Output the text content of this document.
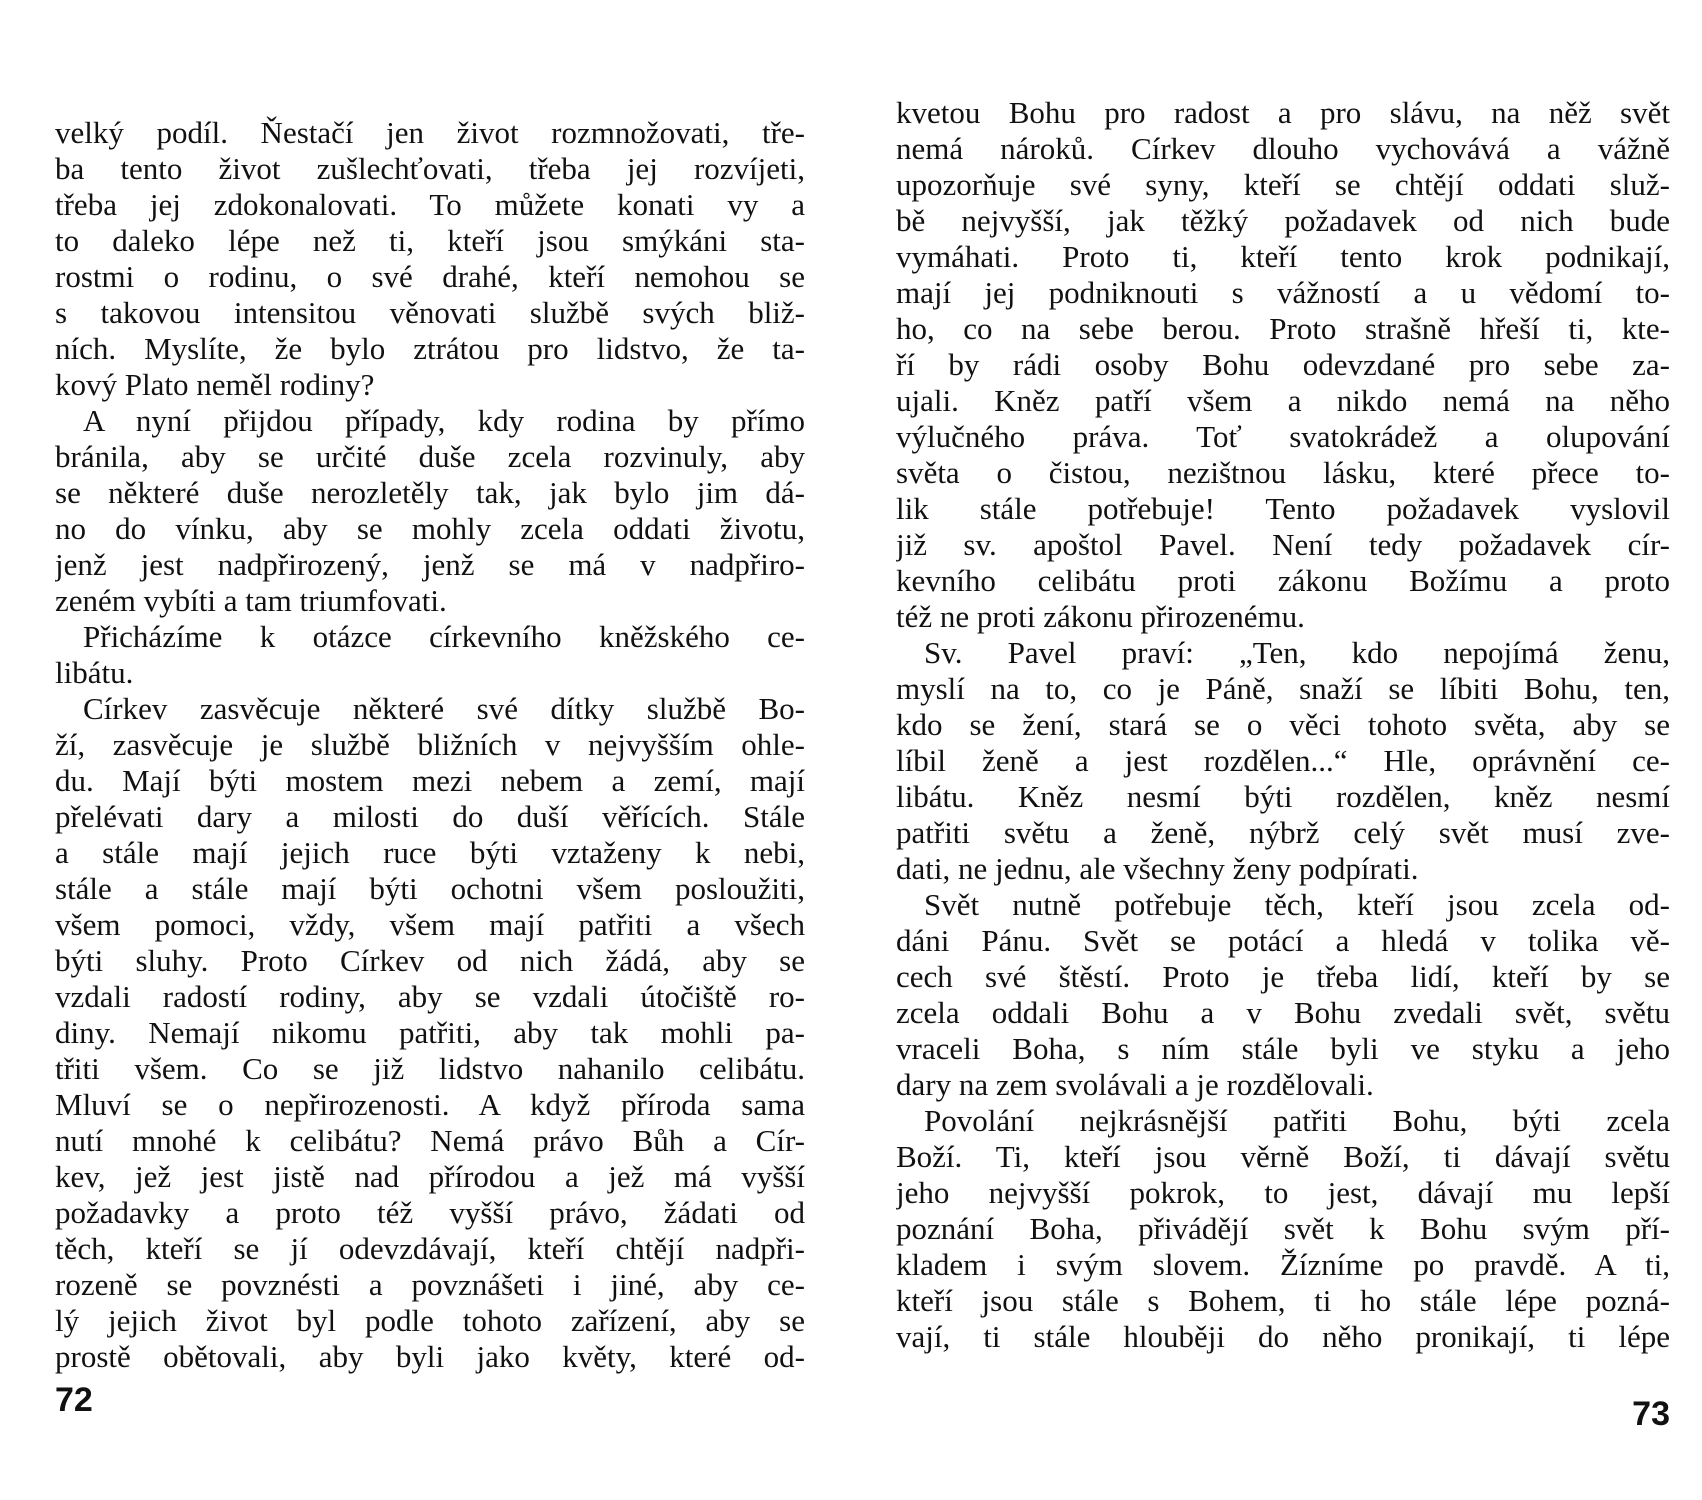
velký podíl. Ňestačí jen život rozmnožovati, tře-
ba tento život zušlechťovati, třeba jej rozvíjeti,
třeba jej zdokonalovati. To můžete konati vy a
to daleko lépe než ti, kteří jsou smýkáni sta-
rostmi o rodinu, o své drahé, kteří nemohou se
s takovou intensitou věnovati službě svých bliž-
ních. Myslíte, že bylo ztrátou pro lidstvo, že ta-
kový Plato neměl rodiny?
A nyní přijdou případy, kdy rodina by přímo
bránila, aby se určité duše zcela rozvinuly, aby
se některé duše nerozletěly tak, jak bylo jim dá-
no do vínku, aby se mohly zcela oddati životu,
jenž jest nadpřirozený, jenž se má v nadpřiro-
zeném vybíti a tam triumfovati.
Přicházíme k otázce církevního kněžského ce-
libátu.
Církev zasvěcuje některé své dítky službě Bo-
ží, zasvěcuje je službě bližních v nejvyšším ohle-
du. Mají býti mostem mezi nebem a zemí, mají
přelévati dary a milosti do duší věřících. Stále
a stále mají jejich ruce býti vztaženy k nebi,
stále a stále mají býti ochotni všem posloužiti,
všem pomoci, vždy, všem mají patřiti a všech
býti sluhy. Proto Církev od nich žádá, aby se
vzdali radostí rodiny, aby se vzdali útočiště ro-
diny. Nemají nikomu patřiti, aby tak mohli pa-
třiti všem. Co se již lidstvo nahanilo celibátu.
Mluví se o nepřirozenosti. A když příroda sama
nutí mnohé k celibátu? Nemá právo Bůh a Cír-
kev, jež jest jistě nad přírodou a jež má vyšší
požadavky a proto též vyšší právo, žádati od
těch, kteří se jí odevzdávají, kteří chtějí nadpři-
rozeně se povznésti a povznášeti i jiné, aby ce-
lý jejich život byl podle tohoto zařízení, aby se
prostě obětovali, aby byli jako květy, které od-
72
kvetou Bohu pro radost a pro slávu, na něž svět
nemá nároků. Církev dlouho vychovává a vážně
upozorňuje své syny, kteří se chtějí oddati služ-
bě nejvyšší, jak těžký požadavek od nich bude
vymáhati. Proto ti, kteří tento krok podnikají,
mají jej podniknouti s vážností a u vědomí to-
ho, co na sebe berou. Proto strašně hřeší ti, kte-
ří by rádi osoby Bohu odevzdané pro sebe za-
ujali. Kněz patří všem a nikdo nemá na něho
výlučného práva. Toť svatokrádež a olupování
světa o čistou, nezištnou lásku, které přece to-
lik stále potřebuje! Tento požadavek vyslovil
již sv. apoštol Pavel. Není tedy požadavek cír-
kevního celibátu proti zákonu Božímu a proto
též ne proti zákonu přirozenému.
Sv. Pavel praví: „Ten, kdo nepojímá ženu,
myslí na to, co je Páně, snaží se líbiti Bohu, ten,
kdo se žení, stará se o věci tohoto světa, aby se
líbil ženě a jest rozdělen...“ Hle, oprávnění ce-
libátu. Kněz nesmí býti rozdělen, kněz nesmí
patřiti světu a ženě, nýbrž celý svět musí zve-
dati, ne jednu, ale všechny ženy podpírati.
Svět nutně potřebuje těch, kteří jsou zcela od-
dáni Pánu. Svět se potácí a hledá v tolika vě-
cech své štěstí. Proto je třeba lidí, kteří by se
zcela oddali Bohu a v Bohu zvedali svět, světu
vraceli Boha, s ním stále byli ve styku a jeho
dary na zem svolávali a je rozdělovali.
Povolání nejkrásnější patřiti Bohu, býti zcela
Boží. Ti, kteří jsou věrně Boží, ti dávají světu
jeho nejvyšší pokrok, to jest, dávají mu lepší
poznání Boha, přivádějí svět k Bohu svým pří-
kladem i svým slovem. Žízníme po pravdě. A ti,
kteří jsou stále s Bohem, ti ho stále lépe pozná-
vají, ti stále hlouběji do něho pronikají, ti lépe
73
